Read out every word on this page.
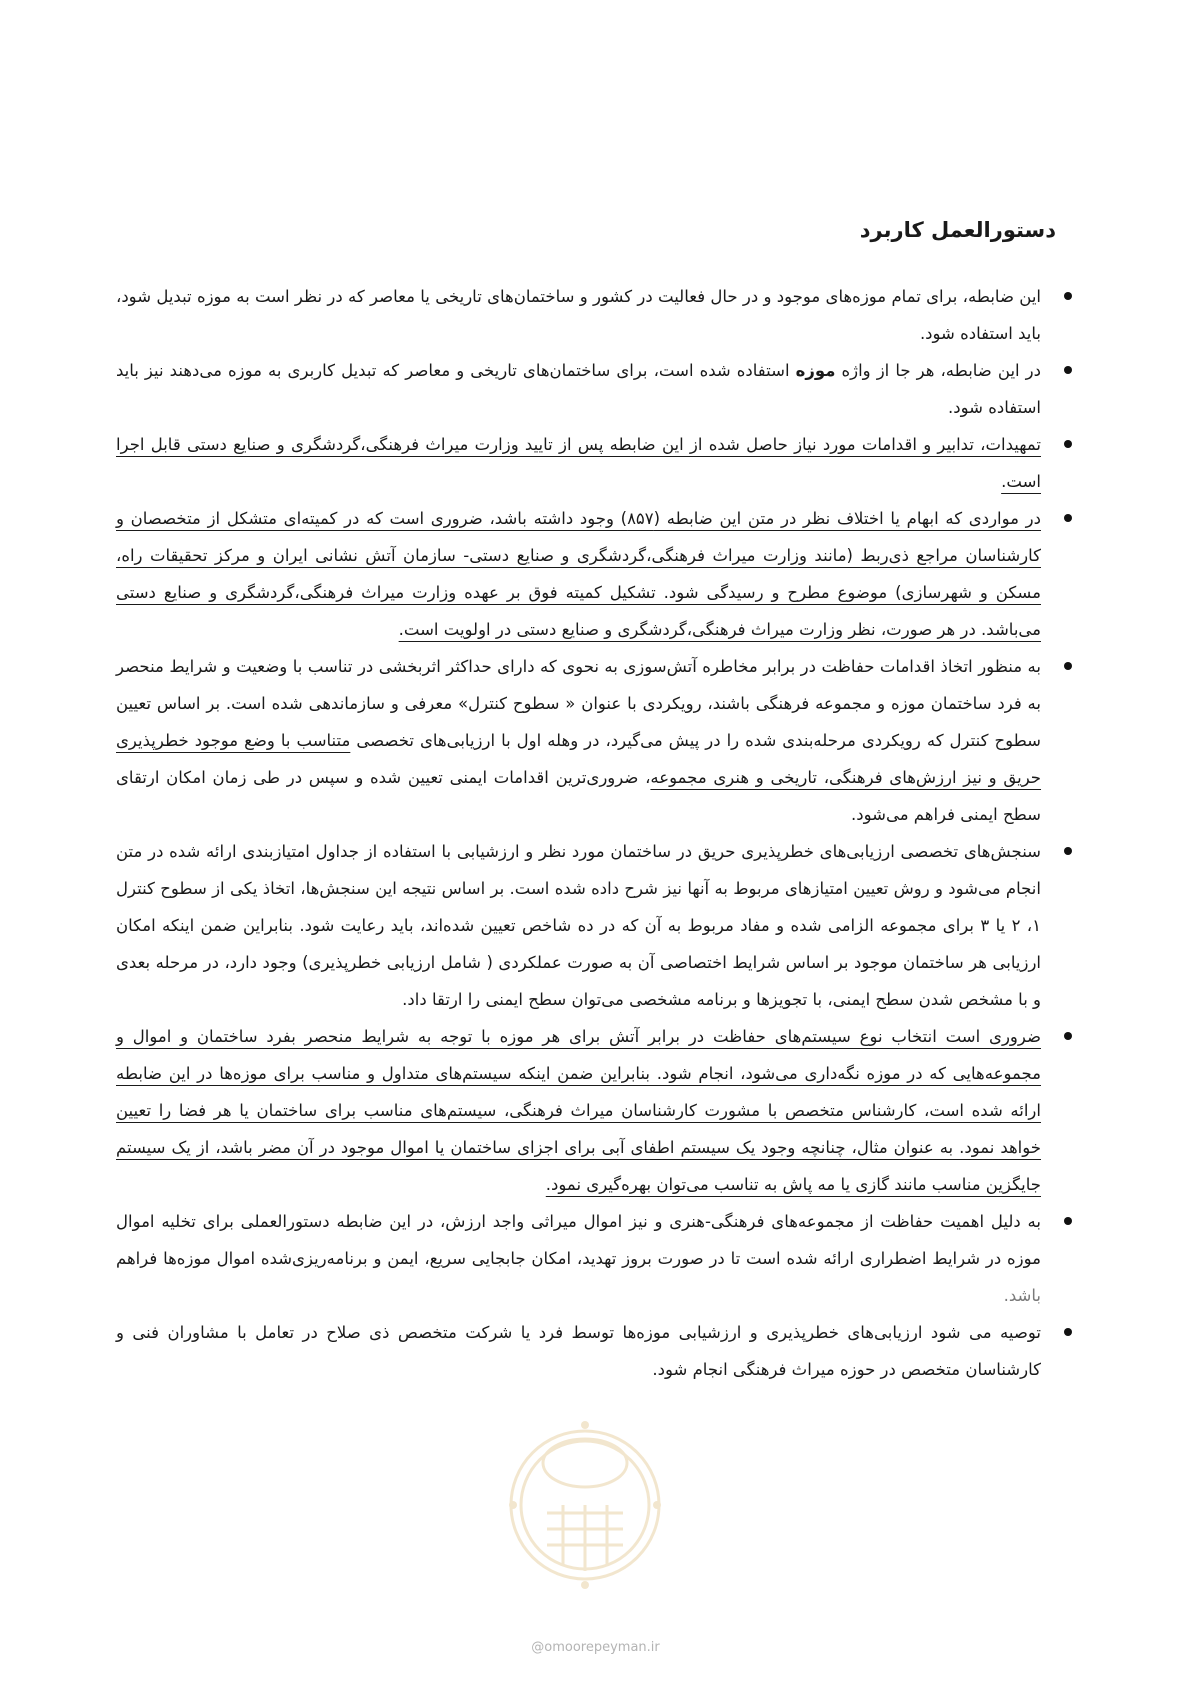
دستورالعمل کاربرد
این ضابطه، برای تمام موزه‌های موجود و در حال فعالیت در کشور و ساختمان‌های تاریخی یا معاصر که در نظر است به موزه تبدیل شود، باید استفاده شود.
در این ضابطه، هر جا از واژه موزه استفاده شده است، برای ساختمان‌های تاریخی و معاصر که تبدیل کاربری به موزه می‌دهند نیز باید استفاده شود.
تمهیدات، تدابیر و اقدامات مورد نیاز حاصل شده از این ضابطه پس از تایید وزارت میراث فرهنگی،گردشگری و صنایع دستی قابل اجرا است.
در مواردی که ابهام یا اختلاف نظر در متن این ضابطه (۸۵۷) وجود داشته باشد، ضروری است که در کمیته‌ای متشکل از متخصصان و کارشناسان مراجع ذی‌ربط (مانند وزارت میراث فرهنگی،گردشگری و صنایع دستی- سازمان آتش نشانی ایران و مرکز تحقیقات راه، مسکن و شهرسازی) موضوع مطرح و رسیدگی شود. تشکیل کمیته فوق بر عهده وزارت میراث فرهنگی،گردشگری و صنایع دستی می‌باشد. در هر صورت، نظر وزارت میراث فرهنگی،گردشگری و صنایع دستی در اولویت است.
به منظور اتخاذ اقدامات حفاظت در برابر مخاطره آتش‌سوزی به نحوی که دارای حداکثر اثربخشی در تناسب با وضعیت و شرایط منحصر به فرد ساختمان موزه و مجموعه فرهنگی باشند، رویکردی با عنوان « سطوح کنترل» معرفی و سازماندهی شده است. بر اساس تعیین سطوح کنترل که رویکردی مرحله‌بندی شده را در پیش می‌گیرد، در وهله اول با ارزیابی‌های تخصصی متناسب با وضع موجود خطرپذیری حریق و نیز ارزش‌های فرهنگی، تاریخی و هنری مجموعه، ضروری‌ترین اقدامات ایمنی تعیین شده و سپس در طی زمان امکان ارتقای سطح ایمنی فراهم می‌شود.
سنجش‌های تخصصی ارزیابی‌های خطرپذیری حریق در ساختمان مورد نظر و ارزشیابی با استفاده از جداول امتیازبندی ارائه شده در متن انجام می‌شود و روش تعیین امتیازهای مربوط به آنها نیز شرح داده شده است. بر اساس نتیجه این سنجش‌ها، اتخاذ یکی از سطوح کنترل ۱، ۲ یا ۳ برای مجموعه الزامی شده و مفاد مربوط به آن که در ده شاخص تعیین شده‌اند، باید رعایت شود. بنابراین ضمن اینکه امکان ارزیابی هر ساختمان موجود بر اساس شرایط اختصاصی آن به صورت عملکردی ( شامل ارزیابی خطرپذیری) وجود دارد، در مرحله بعدی و با مشخص شدن سطح ایمنی، با تجویزها و برنامه مشخصی می‌توان سطح ایمنی را ارتقا داد.
ضروری است انتخاب نوع سیستم‌های حفاظت در برابر آتش برای هر موزه با توجه به شرایط منحصر بفرد ساختمان و اموال و مجموعه‌هایی که در موزه نگه‌داری می‌شود، انجام شود. بنابراین ضمن اینکه سیستم‌های متداول و مناسب برای موزه‌ها در این ضابطه ارائه شده است، کارشناس متخصص با مشورت کارشناسان میراث فرهنگی، سیستم‌های مناسب برای ساختمان یا هر فضا را تعیین خواهد نمود. به عنوان مثال، چنانچه وجود یک سیستم اطفای آبی برای اجزای ساختمان یا اموال موجود در آن مضر باشد، از یک سیستم جایگزین مناسب مانند گازی یا مه پاش به تناسب می‌توان بهره‌گیری نمود.
به دلیل اهمیت حفاظت از مجموعه‌های فرهنگی-هنری و نیز اموال میراثی واجد ارزش، در این ضابطه دستورالعملی برای تخلیه اموال موزه در شرایط اضطراری ارائه شده است تا در صورت بروز تهدید، امکان جابجایی سریع، ایمن و برنامه‌ریزی‌شده اموال موزه‌ها فراهم باشد.
توصیه می شود ارزیابی‌های خطرپذیری و ارزشیابی موزه‌ها توسط فرد یا شرکت متخصص ذی صلاح در تعامل با مشاوران فنی و کارشناسان متخصص در حوزه میراث فرهنگی انجام شود.
@omoorepeyman.ir
